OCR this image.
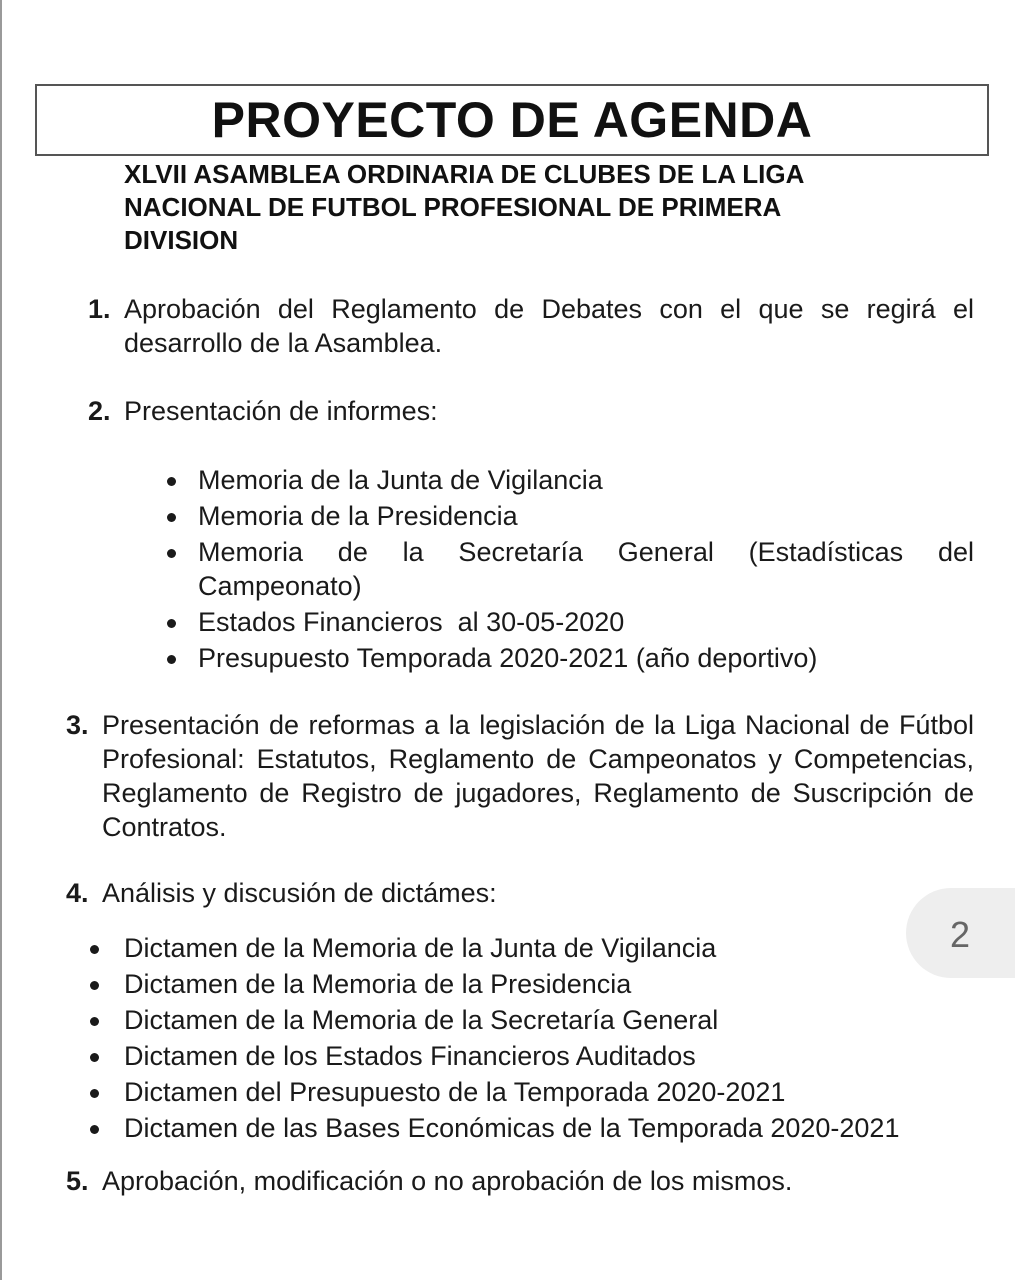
PROYECTO DE AGENDA
XLVII ASAMBLEA ORDINARIA DE CLUBES DE LA LIGA
NACIONAL DE FUTBOL PROFESIONAL DE PRIMERA
DIVISION
1. Aprobación del Reglamento de Debates con el que se regirá el desarrollo de la Asamblea.
2. Presentación de informes:
Memoria de la Junta de Vigilancia
Memoria de la Presidencia
Memoria de la Secretaría General (Estadísticas del Campeonato)
Estados Financieros  al 30-05-2020
Presupuesto Temporada 2020-2021 (año deportivo)
3. Presentación de reformas a la legislación de la Liga Nacional de Fútbol Profesional: Estatutos, Reglamento de Campeonatos y Competencias, Reglamento de Registro de jugadores, Reglamento de Suscripción de Contratos.
4. Análisis y discusión de dictámes:
Dictamen de la Memoria de la Junta de Vigilancia
Dictamen de la Memoria de la Presidencia
Dictamen de la Memoria de la Secretaría General
Dictamen de los Estados Financieros Auditados
Dictamen del Presupuesto de la Temporada 2020-2021
Dictamen de las Bases Económicas de la Temporada 2020-2021
5. Aprobación, modificación o no aprobación de los mismos.
2
